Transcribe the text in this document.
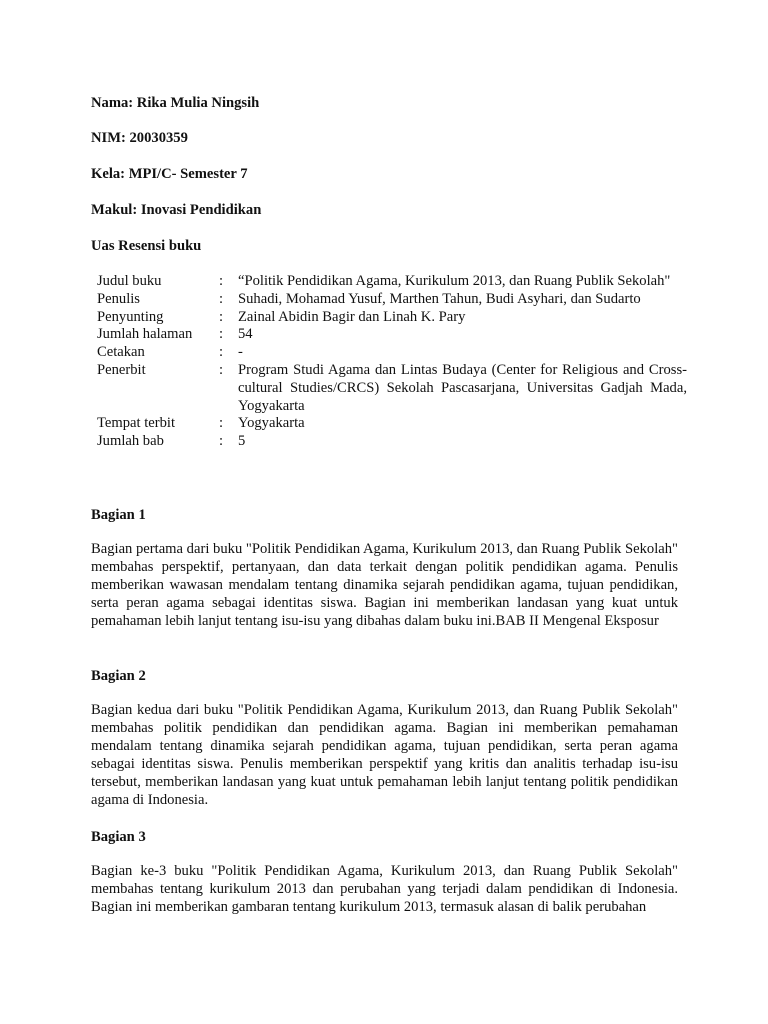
Nama: Rika Mulia Ningsih
NIM: 20030359
Kela: MPI/C- Semester 7
Makul: Inovasi Pendidikan
Uas Resensi buku
Judul buku	:	“Politik Pendidikan Agama, Kurikulum 2013, dan Ruang Publik Sekolah"
Penulis	:	Suhadi, Mohamad Yusuf, Marthen Tahun, Budi Asyhari, dan Sudarto
Penyunting	:	Zainal Abidin Bagir dan Linah K. Pary
Jumlah halaman	:	54
Cetakan	:	-
Penerbit	:	Program Studi Agama dan Lintas Budaya (Center for Religious and Cross-cultural Studies/CRCS) Sekolah Pascasarjana, Universitas Gadjah Mada, Yogyakarta
Tempat terbit	:	Yogyakarta
Jumlah bab	:	5
Bagian 1

Bagian pertama dari buku "Politik Pendidikan Agama, Kurikulum 2013, dan Ruang Publik Sekolah" membahas perspektif, pertanyaan, dan data terkait dengan politik pendidikan agama. Penulis memberikan wawasan mendalam tentang dinamika sejarah pendidikan agama, tujuan pendidikan, serta peran agama sebagai identitas siswa. Bagian ini memberikan landasan yang kuat untuk pemahaman lebih lanjut tentang isu-isu yang dibahas dalam buku ini.BAB II Mengenal Eksposur

Bagian 2

Bagian kedua dari buku "Politik Pendidikan Agama, Kurikulum 2013, dan Ruang Publik Sekolah" membahas politik pendidikan dan pendidikan agama. Bagian ini memberikan pemahaman mendalam tentang dinamika sejarah pendidikan agama, tujuan pendidikan, serta peran agama sebagai identitas siswa. Penulis memberikan perspektif yang kritis dan analitis terhadap isu-isu tersebut, memberikan landasan yang kuat untuk pemahaman lebih lanjut tentang politik pendidikan agama di Indonesia.

Bagian 3

Bagian ke-3 buku "Politik Pendidikan Agama, Kurikulum 2013, dan Ruang Publik Sekolah" membahas tentang kurikulum 2013 dan perubahan yang terjadi dalam pendidikan di Indonesia. Bagian ini memberikan gambaran tentang kurikulum 2013, termasuk alasan di balik perubahan
